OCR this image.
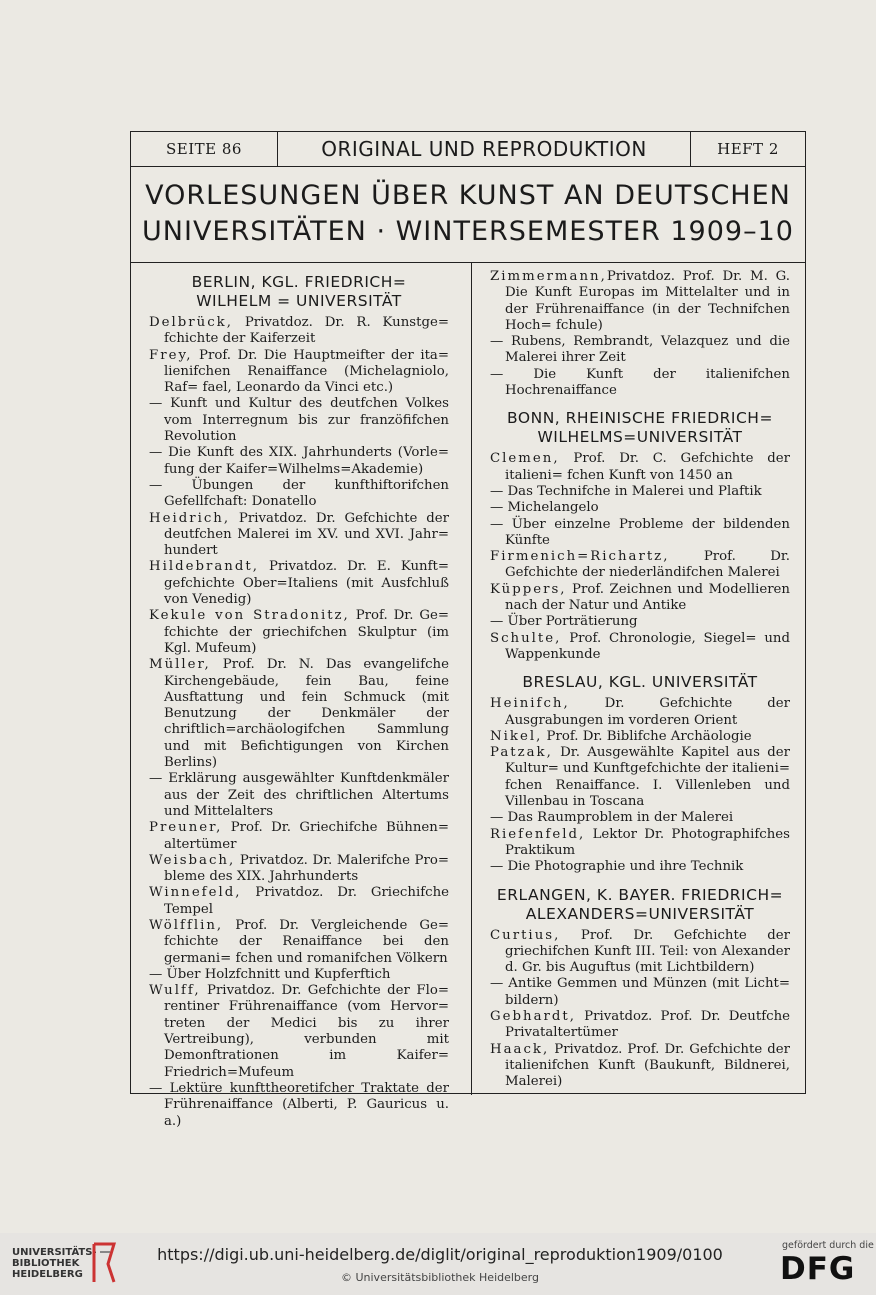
SEITE 86	ORIGINAL UND REPRODUKTION	HEFT 2
VORLESUNGEN ÜBER KUNST AN DEUTSCHEN
UNIVERSITÄTEN · WINTERSEMESTER 1909–10
BERLIN, KGL. FRIEDRICH=
WILHELM = UNIVERSITÄT
Delbrück, Privatdoz. Dr. R. Kunstge= fchichte der Kaiferzeit
Frey, Prof. Dr. Die Hauptmeifter der ita= lienifchen Renaiffance (Michelagniolo, Raf= fael, Leonardo da Vinci etc.)
— Kunft und Kultur des deutfchen Volkes vom Interregnum bis zur franzöfifchen Revolution
— Die Kunft des XIX. Jahrhunderts (Vorle= fung der Kaifer=Wilhelms=Akademie)
— Übungen der kunfthiftorifchen Gefellfchaft: Donatello
Heidrich, Privatdoz. Dr. Gefchichte der deutfchen Malerei im XV. und XVI. Jahr= hundert
Hildebrandt, Privatdoz. Dr. E. Kunft= gefchichte Ober=Italiens (mit Ausfchluß von Venedig)
Kekule von Stradonitz, Prof. Dr. Ge= fchichte der griechifchen Skulptur (im Kgl. Mufeum)
Müller, Prof. Dr. N. Das evangelifche Kirchengebäude, fein Bau, feine Ausftattung und fein Schmuck (mit Benutzung der Denkmäler der chriftlich=archäologifchen Sammlung und mit Befichtigungen von Kirchen Berlins)
— Erklärung ausgewählter Kunftdenkmäler aus der Zeit des chriftlichen Altertums und Mittelalters
Preuner, Prof. Dr. Griechifche Bühnen= altertümer
Weisbach, Privatdoz. Dr. Malerifche Pro= bleme des XIX. Jahrhunderts
Winnefeld, Privatdoz. Dr. Griechifche Tempel
Wölfflin, Prof. Dr. Vergleichende Ge= fchichte der Renaiffance bei den germani= fchen und romanifchen Völkern
— Über Holzfchnitt und Kupferftich
Wulff, Privatdoz. Dr. Gefchichte der Flo= rentiner Frührenaiffance (vom Hervor= treten der Medici bis zu ihrer Vertreibung), verbunden mit Demonftrationen im Kaifer= Friedrich=Mufeum
— Lektüre kunfttheoretifcher Traktate der Frührenaiffance (Alberti, P. Gauricus u. a.)
Zimmermann,Privatdoz. Prof. Dr. M. G. Die Kunft Europas im Mittelalter und in der Frührenaiffance (in der Technifchen Hoch= fchule)
— Rubens, Rembrandt, Velazquez und die Malerei ihrer Zeit
— Die Kunft der italienifchen Hochrenaiffance
BONN, RHEINISCHE FRIEDRICH=
WILHELMS=UNIVERSITÄT
Clemen, Prof. Dr. C. Gefchichte der italieni= fchen Kunft von 1450 an
— Das Technifche in Malerei und Plaftik
— Michelangelo
— Über einzelne Probleme der bildenden Künfte
Firmenich=Richartz, Prof. Dr. Gefchichte der niederländifchen Malerei
Küppers, Prof. Zeichnen und Modellieren nach der Natur und Antike
— Über Porträtierung
Schulte, Prof. Chronologie, Siegel= und Wappenkunde
BRESLAU, KGL. UNIVERSITÄT
Heinifch, Dr. Gefchichte der Ausgrabungen im vorderen Orient
Nikel, Prof. Dr. Biblifche Archäologie
Patzak, Dr. Ausgewählte Kapitel aus der Kultur= und Kunftgefchichte der italieni= fchen Renaiffance. I. Villenleben und Villenbau in Toscana
— Das Raumproblem in der Malerei
Riefenfeld, Lektor Dr. Photographifches Praktikum
— Die Photographie und ihre Technik
ERLANGEN, K. BAYER. FRIEDRICH=
ALEXANDERS=UNIVERSITÄT
Curtius, Prof. Dr. Gefchichte der griechifchen Kunft III. Teil: von Alexander d. Gr. bis Auguftus (mit Lichtbildern)
— Antike Gemmen und Münzen (mit Licht= bildern)
Gebhardt, Privatdoz. Prof. Dr. Deutfche Privataltertümer
Haack, Privatdoz. Prof. Dr. Gefchichte der italienifchen Kunft (Baukunft, Bildnerei, Malerei)
UNIVERSITÄTS-
BIBLIOTHEK
HEIDELBERG
https://digi.ub.uni-heidelberg.de/diglit/original_reproduktion1909/0100
© Universitätsbibliothek Heidelberg
gefördert durch die
DFG
